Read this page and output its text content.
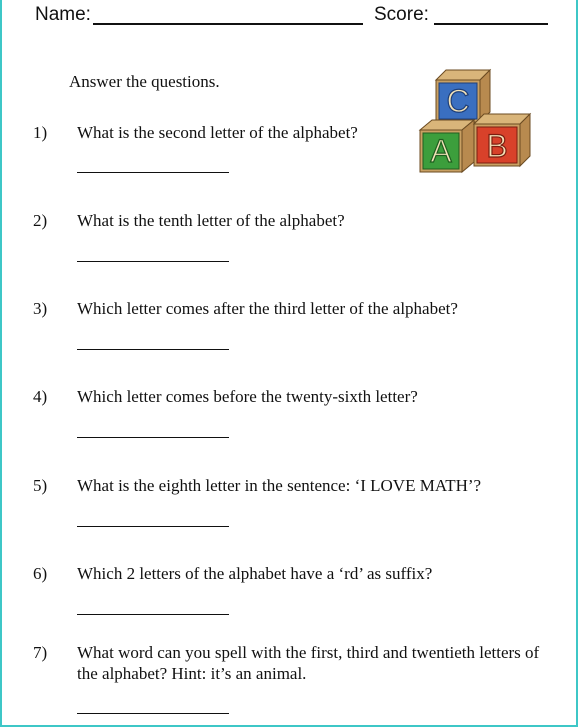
Name:	Score:
Answer the questions.
C
A B
1) What is the second letter of the alphabet?
2) What is the tenth letter of the alphabet?
3) Which letter comes after the third letter of the alphabet?
4) Which letter comes before the twenty-sixth letter?
5) What is the eighth letter in the sentence: ‘I LOVE MATH’?
6) Which 2 letters of the alphabet have a ‘rd’ as suffix?
7) What word can you spell with the first, third and twentieth letters of the alphabet? Hint: it’s an animal.
